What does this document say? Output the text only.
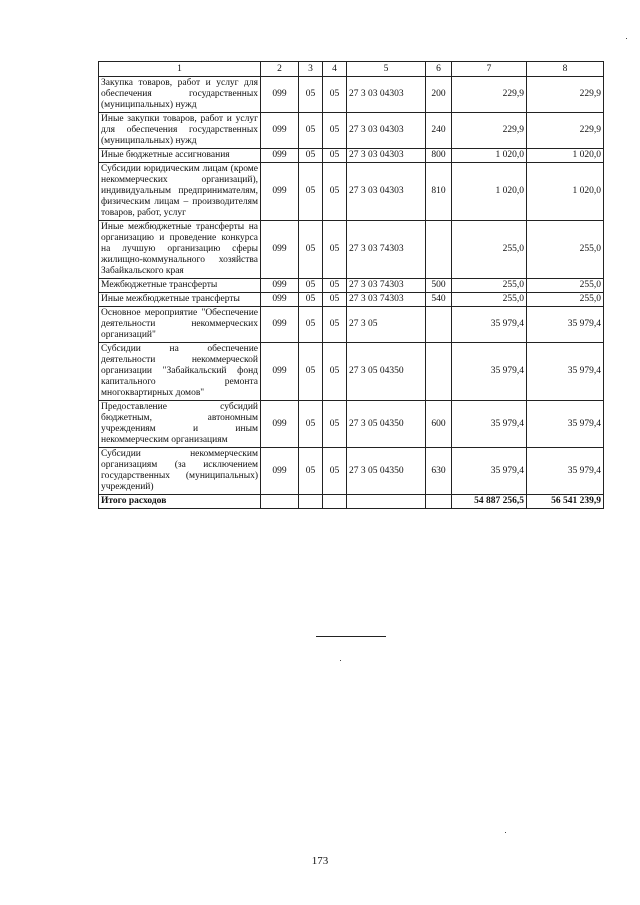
1	2	3	4	5	6	7	8
Закупка товаров, работ и услуг для обеспечения государственных (муниципальных) нужд	099	05	05	27 3 03 04303	200	229,9	229,9
Иные закупки товаров, работ и услуг для обеспечения государственных (муниципальных) нужд	099	05	05	27 3 03 04303	240	229,9	229,9
Иные бюджетные ассигнования	099	05	05	27 3 03 04303	800	1 020,0	1 020,0
Субсидии юридическим лицам (кроме некоммерческих организаций), индивидуальным предпринимателям, физическим лицам – производителям товаров, работ, услуг	099	05	05	27 3 03 04303	810	1 020,0	1 020,0
Иные межбюджетные трансферты на организацию и проведение конкурса на лучшую организацию сферы жилищно-коммунального хозяйства Забайкальского края	099	05	05	27 3 03 74303		255,0	255,0
Межбюджетные трансферты	099	05	05	27 3 03 74303	500	255,0	255,0
Иные межбюджетные трансферты	099	05	05	27 3 03 74303	540	255,0	255,0
Основное мероприятие "Обеспечение деятельности некоммерческих организаций"	099	05	05	27 3 05		35 979,4	35 979,4
Субсидии на обеспечение деятельности некоммерческой организации "Забайкальский фонд капитального ремонта многоквартирных домов"	099	05	05	27 3 05 04350		35 979,4	35 979,4
Предоставление субсидий бюджетным, автономным учреждениям и иным некоммерческим организациям	099	05	05	27 3 05 04350	600	35 979,4	35 979,4
Субсидии некоммерческим организациям (за исключением государственных (муниципальных) учреждений)	099	05	05	27 3 05 04350	630	35 979,4	35 979,4
Итого расходов						54 887 256,5	56 541 239,9
173
